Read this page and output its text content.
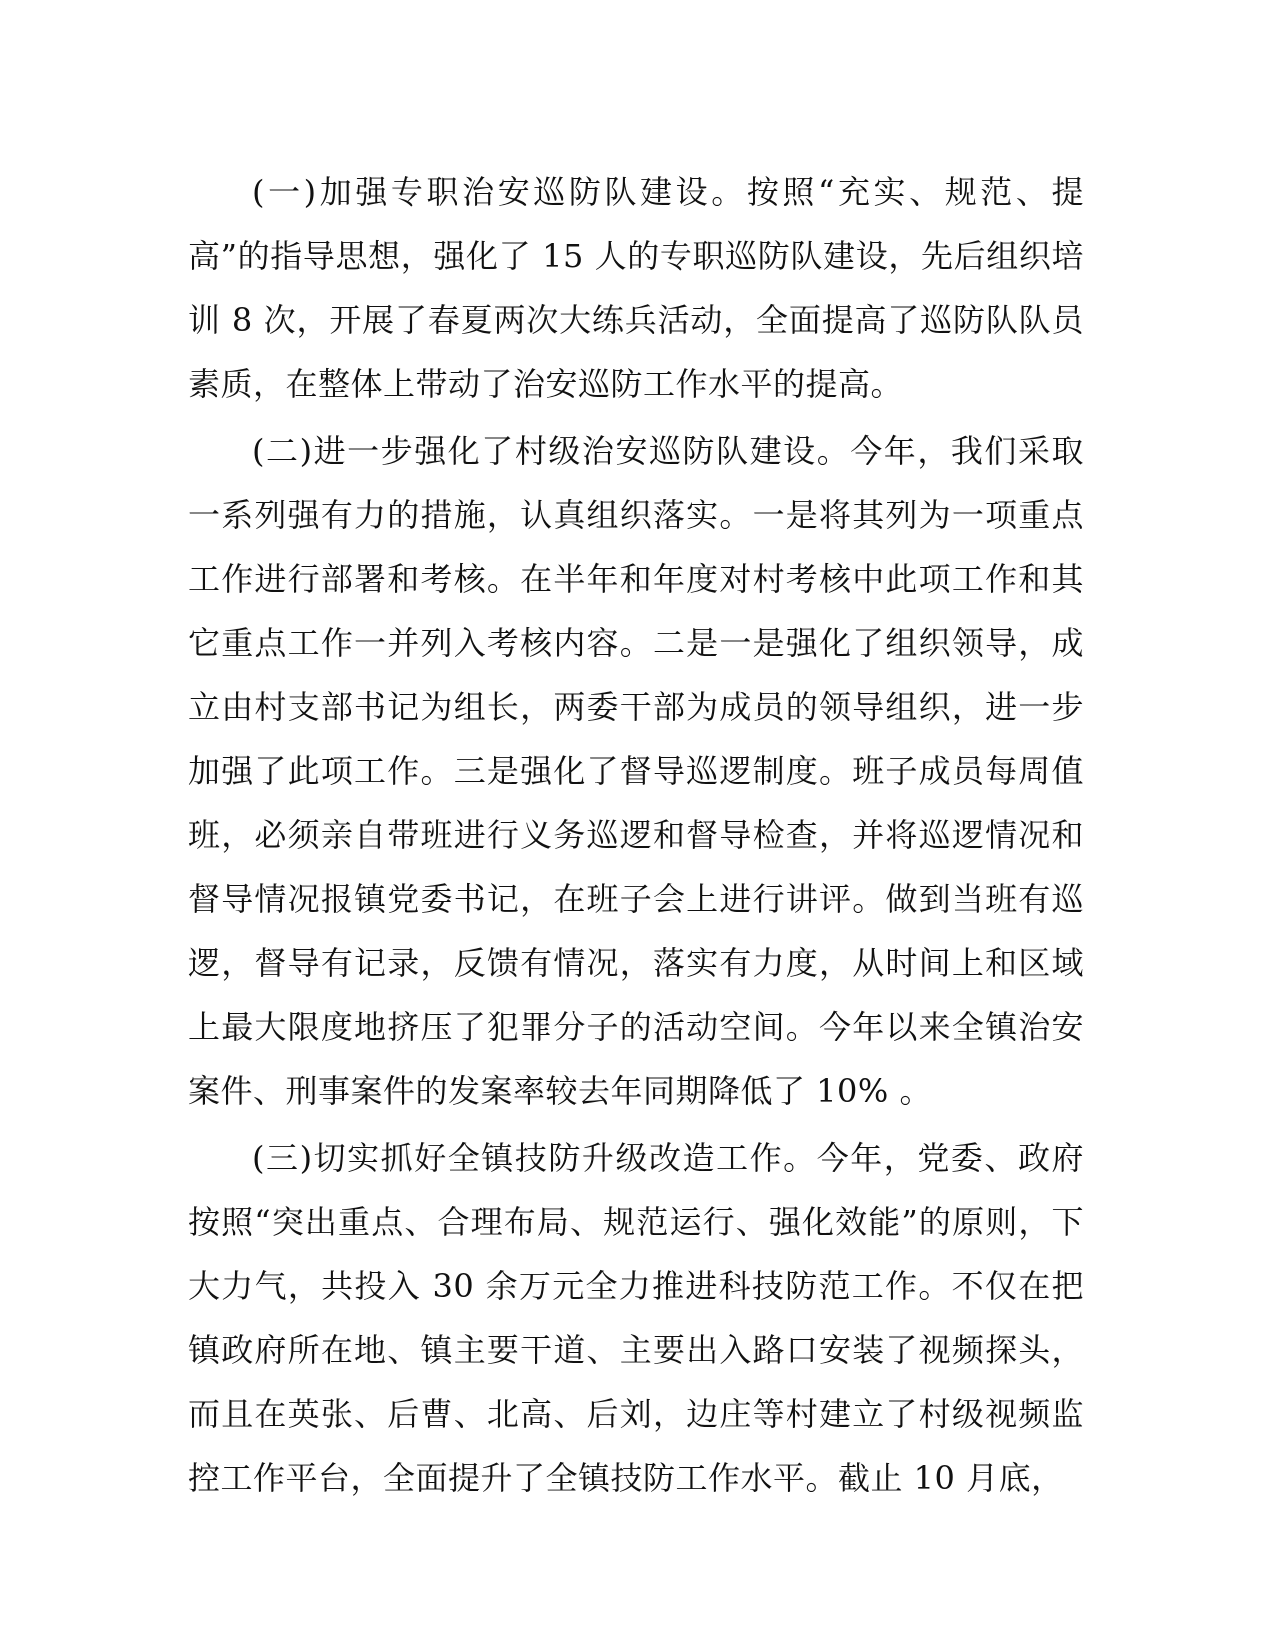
(一)加强专职治安巡防队建设。按照“充实、规范、提高”的指导思想，强化了 15 人的专职巡防队建设，先后组织培训 8 次，开展了春夏两次大练兵活动，全面提高了巡防队队员素质，在整体上带动了治安巡防工作水平的提高。

(二)进一步强化了村级治安巡防队建设。今年，我们采取一系列强有力的措施，认真组织落实。一是将其列为一项重点工作进行部署和考核。在半年和年度对村考核中此项工作和其它重点工作一并列入考核内容。二是一是强化了组织领导，成立由村支部书记为组长，两委干部为成员的领导组织，进一步加强了此项工作。三是强化了督导巡逻制度。班子成员每周值班，必须亲自带班进行义务巡逻和督导检查，并将巡逻情况和督导情况报镇党委书记，在班子会上进行讲评。做到当班有巡逻，督导有记录，反馈有情况，落实有力度，从时间上和区域上最大限度地挤压了犯罪分子的活动空间。今年以来全镇治安案件、刑事案件的发案率较去年同期降低了 10% 。

(三)切实抓好全镇技防升级改造工作。今年，党委、政府按照“突出重点、合理布局、规范运行、强化效能”的原则，下大力气，共投入 30 余万元全力推进科技防范工作。不仅在把镇政府所在地、镇主要干道、主要出入路口安装了视频探头，而且在英张、后曹、北高、后刘，边庄等村建立了村级视频监控工作平台，全面提升了全镇技防工作水平。截止 10 月底，
